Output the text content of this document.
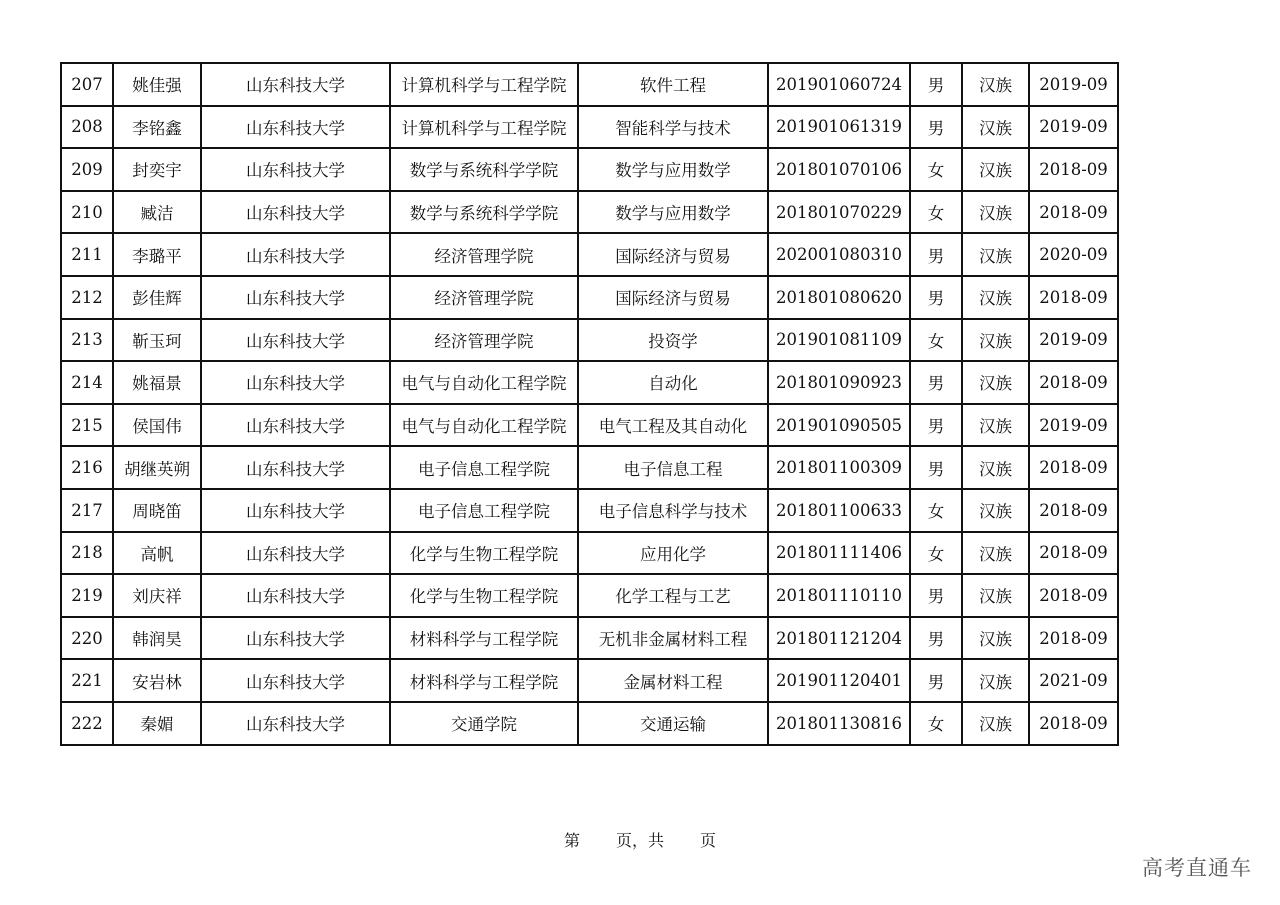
207	姚佳强	山东科技大学	计算机科学与工程学院	软件工程	201901060724	男	汉族	2019-09
208	李铭鑫	山东科技大学	计算机科学与工程学院	智能科学与技术	201901061319	男	汉族	2019-09
209	封奕宇	山东科技大学	数学与系统科学学院	数学与应用数学	201801070106	女	汉族	2018-09
210	臧洁	山东科技大学	数学与系统科学学院	数学与应用数学	201801070229	女	汉族	2018-09
211	李璐平	山东科技大学	经济管理学院	国际经济与贸易	202001080310	男	汉族	2020-09
212	彭佳辉	山东科技大学	经济管理学院	国际经济与贸易	201801080620	男	汉族	2018-09
213	靳玉珂	山东科技大学	经济管理学院	投资学	201901081109	女	汉族	2019-09
214	姚福景	山东科技大学	电气与自动化工程学院	自动化	201801090923	男	汉族	2018-09
215	侯国伟	山东科技大学	电气与自动化工程学院	电气工程及其自动化	201901090505	男	汉族	2019-09
216	胡继英朔	山东科技大学	电子信息工程学院	电子信息工程	201801100309	男	汉族	2018-09
217	周晓笛	山东科技大学	电子信息工程学院	电子信息科学与技术	201801100633	女	汉族	2018-09
218	高帆	山东科技大学	化学与生物工程学院	应用化学	201801111406	女	汉族	2018-09
219	刘庆祥	山东科技大学	化学与生物工程学院	化学工程与工艺	201801110110	男	汉族	2018-09
220	韩润昊	山东科技大学	材料科学与工程学院	无机非金属材料工程	201801121204	男	汉族	2018-09
221	安岩林	山东科技大学	材料科学与工程学院	金属材料工程	201901120401	男	汉族	2021-09
222	秦媚	山东科技大学	交通学院	交通运输	201801130816	女	汉族	2018-09
第 页，共 页
高考直通车
